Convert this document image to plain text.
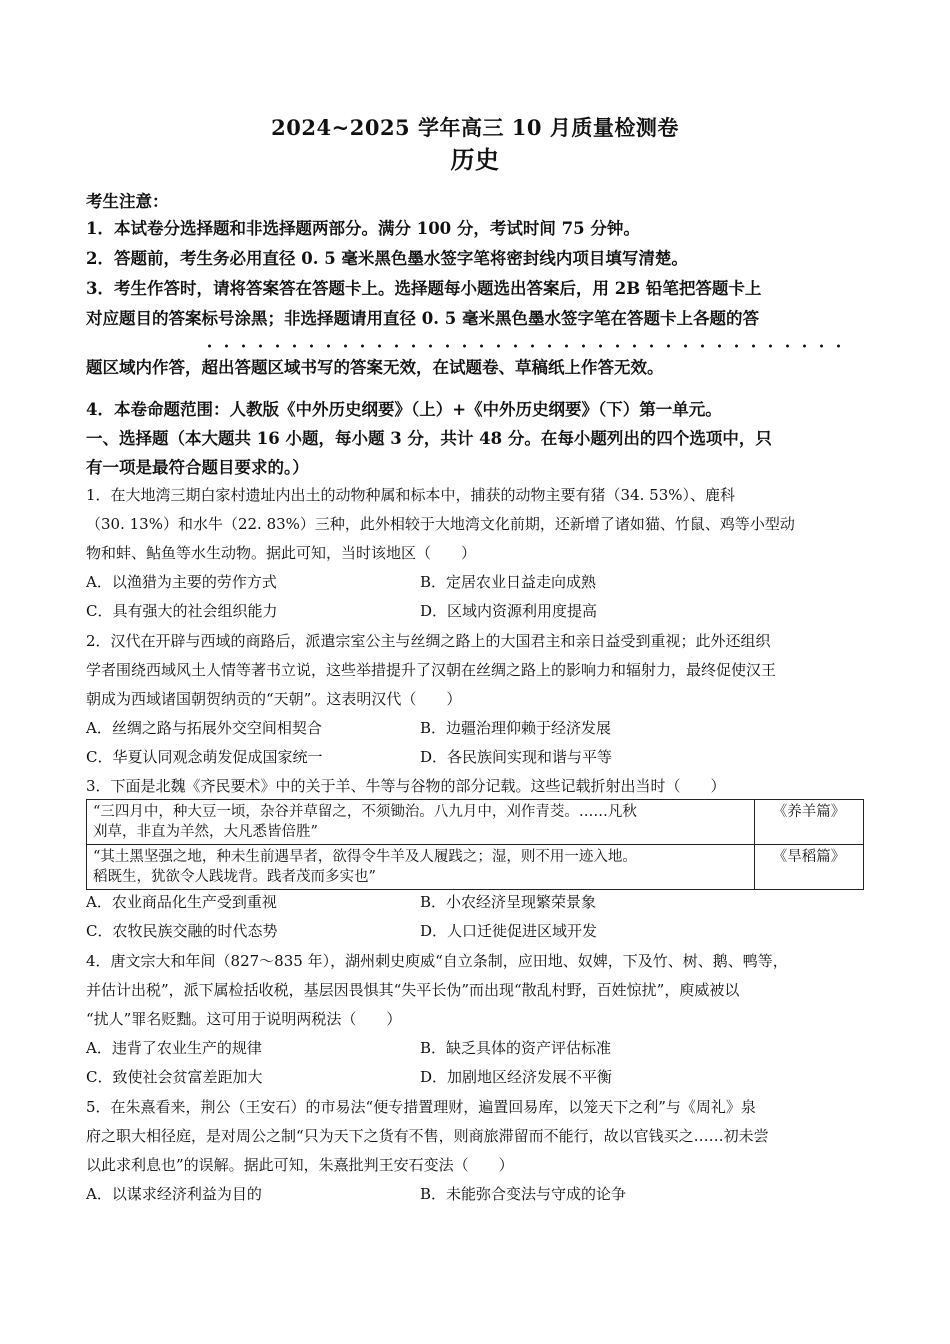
2024~2025 学年高三 10 月质量检测卷
历史
考生注意：
1．本试卷分选择题和非选择题两部分。满分 100 分，考试时间 75 分钟。
2．答题前，考生务必用直径 0. 5 毫米黑色墨水签字笔将密封线内项目填写清楚。
3．考生作答时，请将答案答在答题卡上。选择题每小题选出答案后，用 2B 铅笔把答题卡上
对应题目的答案标号涂黑；非选择题请用直径 0. 5 毫米黑色墨水签字笔在答题卡上各题的答
题区域内作答，超出答题区域书写的答案无效，在试题卷、草稿纸上作答无效。
4．本卷命题范围：人教版《中外历史纲要》（上）+《中外历史纲要》（下）第一单元。
一、选择题（本大题共 16 小题，每小题 3 分，共计 48 分。在每小题列出的四个选项中，只
有一项是最符合题目要求的。）
1．在大地湾三期白家村遗址内出土的动物种属和标本中，捕获的动物主要有猪（34. 53%）、鹿科
（30. 13%）和水牛（22. 83%）三种，此外相较于大地湾文化前期，还新增了诸如猫、竹鼠、鸡等小型动
物和蚌、鲇鱼等水生动物。据此可知，当时该地区（　　）
A．以渔猎为主要的劳作方式	B．定居农业日益走向成熟
C．具有强大的社会组织能力	D．区域内资源利用度提高
2．汉代在开辟与西域的商路后，派遣宗室公主与丝绸之路上的大国君主和亲日益受到重视；此外还组织
学者围绕西域风土人情等著书立说，这些举措提升了汉朝在丝绸之路上的影响力和辐射力，最终促使汉王
朝成为西域诸国朝贺纳贡的“天朝”。这表明汉代（　　）
A．丝绸之路与拓展外交空间相契合	B．边疆治理仰赖于经济发展
C．华夏认同观念萌发促成国家统一	D．各民族间实现和谐与平等
3．下面是北魏《齐民要术》中的关于羊、牛等与谷物的部分记载。这些记载折射出当时（　　）
“三四月中，种大豆一顷，杂谷并草留之，不须锄治。八九月中，刈作青茭。……凡秋
刈草，非直为羊然，大凡悉皆倍胜”	《养羊篇》

“其土黑坚强之地，种未生前遇旱者，欲得令牛羊及人履践之；湿，则不用一迹入地。
稻既生，犹欲令人践垅背。践者茂而多实也”	《旱稻篇》
A．农业商品化生产受到重视	B．小农经济呈现繁荣景象
C．农牧民族交融的时代态势	D．人口迁徙促进区域开发
4．唐文宗大和年间（827～835 年），湖州刺史庾威“自立条制，应田地、奴婢，下及竹、树、鹅、鸭等，
并估计出税”，派下属检括收税，基层因畏惧其“失平长伪”而出现“散乱村野，百姓惊扰”，庾威被以
“扰人”罪名贬黜。这可用于说明两税法（　　）
A．违背了农业生产的规律	B．缺乏具体的资产评估标准
C．致使社会贫富差距加大	D．加剧地区经济发展不平衡
5．在朱熹看来，荆公（王安石）的市易法“便专措置理财，遍置回易库，以笼天下之利”与《周礼》泉
府之职大相径庭，是对周公之制“只为天下之货有不售，则商旅滞留而不能行，故以官钱买之……初未尝
以此求利息也”的误解。据此可知，朱熹批判王安石变法（　　）
A．以谋求经济利益为目的	B．未能弥合变法与守成的论争
